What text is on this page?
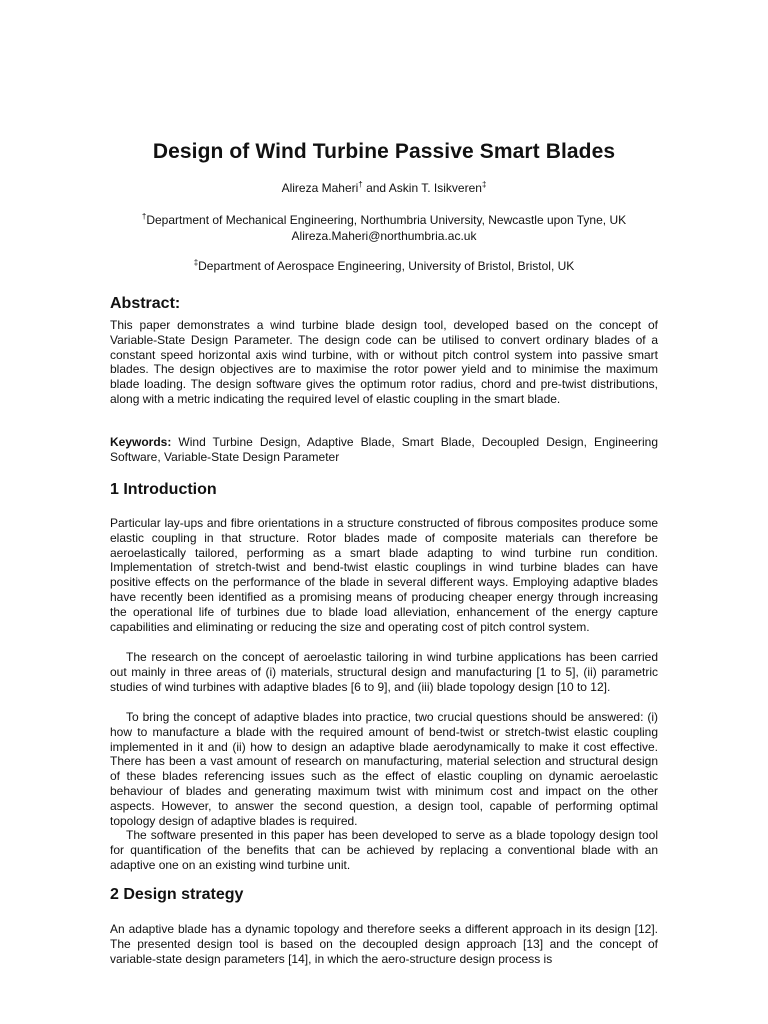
Design of Wind Turbine Passive Smart Blades
Alireza Maheri† and Askin T. Isikveren‡
†Department of Mechanical Engineering, Northumbria University, Newcastle upon Tyne, UK
Alireza.Maheri@northumbria.ac.uk
‡Department of Aerospace Engineering, University of Bristol, Bristol, UK
Abstract:

This paper demonstrates a wind turbine blade design tool, developed based on the concept of Variable-State Design Parameter. The design code can be utilised to convert ordinary blades of a constant speed horizontal axis wind turbine, with or without pitch control system into passive smart blades. The design objectives are to maximise the rotor power yield and to minimise the maximum blade loading. The design software gives the optimum rotor radius, chord and pre-twist distributions, along with a metric indicating the required level of elastic coupling in the smart blade.

Keywords: Wind Turbine Design, Adaptive Blade, Smart Blade, Decoupled Design, Engineering Software, Variable-State Design Parameter

1 Introduction

Particular lay-ups and fibre orientations in a structure constructed of fibrous composites produce some elastic coupling in that structure. Rotor blades made of composite materials can therefore be aeroelastically tailored, performing as a smart blade adapting to wind turbine run condition. Implementation of stretch-twist and bend-twist elastic couplings in wind turbine blades can have positive effects on the performance of the blade in several different ways. Employing adaptive blades have recently been identified as a promising means of producing cheaper energy through increasing the operational life of turbines due to blade load alleviation, enhancement of the energy capture capabilities and eliminating or reducing the size and operating cost of pitch control system.

The research on the concept of aeroelastic tailoring in wind turbine applications has been carried out mainly in three areas of (i) materials, structural design and manufacturing [1 to 5], (ii) parametric studies of wind turbines with adaptive blades [6 to 9], and (iii) blade topology design [10 to 12].

To bring the concept of adaptive blades into practice, two crucial questions should be answered: (i) how to manufacture a blade with the required amount of bend-twist or stretch-twist elastic coupling implemented in it and (ii) how to design an adaptive blade aerodynamically to make it cost effective. There has been a vast amount of research on manufacturing, material selection and structural design of these blades referencing issues such as the effect of elastic coupling on dynamic aeroelastic behaviour of blades and generating maximum twist with minimum cost and impact on the other aspects. However, to answer the second question, a design tool, capable of performing optimal topology design of adaptive blades is required.

The software presented in this paper has been developed to serve as a blade topology design tool for quantification of the benefits that can be achieved by replacing a conventional blade with an adaptive one on an existing wind turbine unit.

2 Design strategy

An adaptive blade has a dynamic topology and therefore seeks a different approach in its design [12]. The presented design tool is based on the decoupled design approach [13] and the concept of variable-state design parameters [14], in which the aero-structure design process is
